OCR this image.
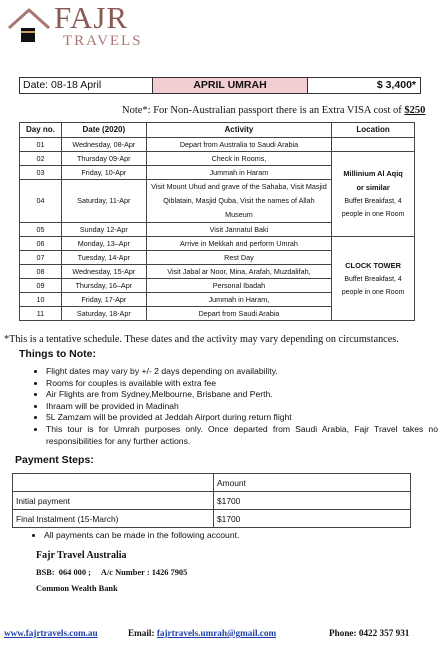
FAJR
TRAVELS
Date: 08-18 April	APRIL UMRAH	$ 3,400*
Note*: For Non-Australian passport there is an Extra VISA cost of $250
Day no.	Date (2020)	Activity	Location
01	Wednesday, 08-Apr	Depart from Australia to Saudi Arabia	
02	Thursday 09-Apr	Check in Rooms,	Millinium Al Aqiq
or similar
Buffet Breakfast, 4 people in one Room
03	Friday, 10-Apr	Jummah in Haram	
04	Saturday, 11-Apr	Visit Mount Uhud and grave of the Sahaba, Visit Masjid Qiblatain, Masjid Quba, Visit the names of Allah Museum	
05	Sunday 12-Apr	Visit Jannatul Baki	
06	Monday, 13–Apr	Arrive in Mekkah and perform Umrah	CLOCK TOWER
Buffet Breakfast, 4 people in one Room
07	Tuesday, 14-Apr	Rest Day	
08	Wednesday, 15-Apr	Visit Jabal ar Noor, Mina, Arafah, Muzdalifah,	
09	Thursday, 16–Apr	Personal Ibadah	
10	Friday, 17-Apr	Jummah in Haram,	
11	Saturday, 18-Apr	Depart from Saudi Arabia	
*This is a tentative schedule. These dates and the activity may vary depending on circumstances.
Things to Note:
• Flight dates may vary by +/- 2 days depending on availability.
• Rooms for couples is available with extra fee
• Air Flights are from Sydney,Melbourne, Brisbane and Perth.
• Ihraam will be provided in Madinah
• 5L Zamzam will be provided at Jeddah Airport during return flight
• This tour is for Umrah purposes only. Once departed from Saudi Arabia, Fajr Travel takes no responsibilities for any further actions.
Payment Steps:
	Amount
Initial payment	$1700
Final Instalment (15-March)	$1700
• All payments can be made in the following account.
Fajr Travel Australia
BSB:  064 000 ;     A/c Number : 1426 7905
Common Wealth Bank
www.fajrtravels.com.au	Email: fajrtravels.umrah@gmail.com	Phone: 0422 357 931
